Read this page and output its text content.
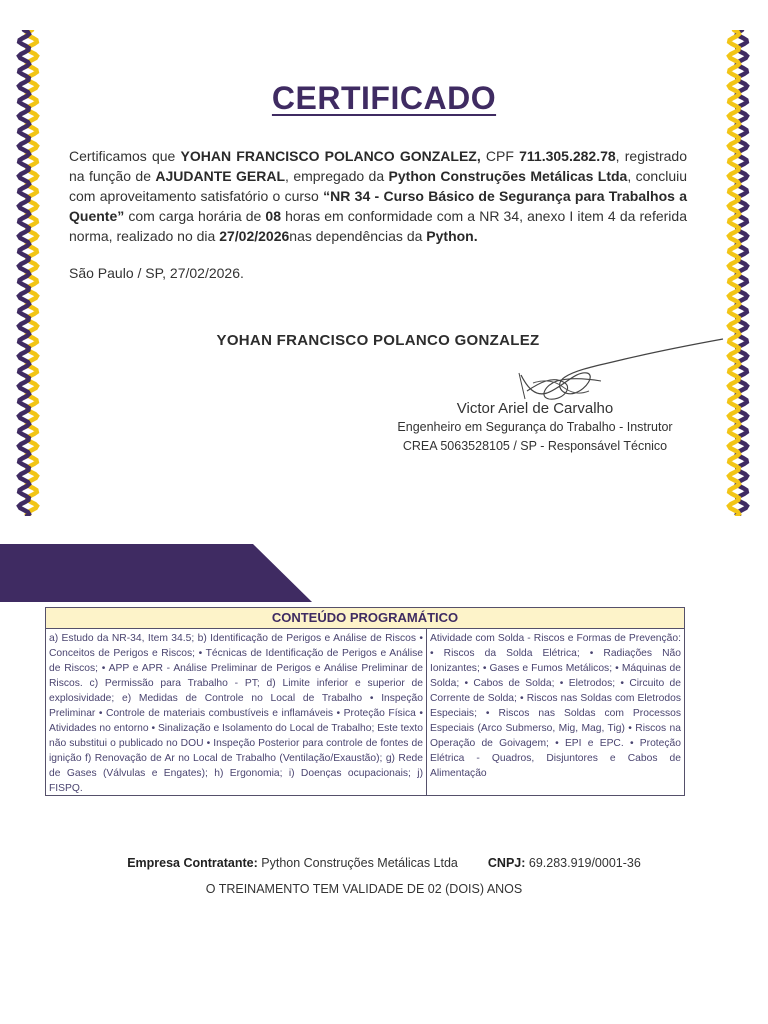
CERTIFICADO
Certificamos que YOHAN FRANCISCO POLANCO GONZALEZ, CPF 711.305.282.78, registrado na função de AJUDANTE GERAL, empregado da Python Construções Metálicas Ltda, concluiu com aproveitamento satisfatório o curso “NR 34 - Curso Básico de Segurança para Trabalhos a Quente” com carga horária de 08 horas em conformidade com a NR 34, anexo I item 4 da referida norma, realizado no dia 27/02/2026nas dependências da Python.
São Paulo / SP, 27/02/2026.
YOHAN FRANCISCO POLANCO GONZALEZ
Victor Ariel de Carvalho
Engenheiro em Segurança do Trabalho - Instrutor
CREA 5063528105 / SP - Responsável Técnico
CONTEÚDO PROGRAMÁTICO
a) Estudo da NR-34, Item 34.5; b) Identificação de Perigos e Análise de Riscos • Conceitos de Perigos e Riscos; • Técnicas de Identificação de Perigos e Análise de Riscos; • APP e APR - Análise Preliminar de Perigos e Análise Preliminar de Riscos. c) Permissão para Trabalho - PT; d) Limite inferior e superior de explosividade; e) Medidas de Controle no Local de Trabalho • Inspeção Preliminar • Controle de materiais combustíveis e inflamáveis • Proteção Física • Atividades no entorno • Sinalização e Isolamento do Local de Trabalho; Este texto não substitui o publicado no DOU • Inspeção Posterior para controle de fontes de ignição f) Renovação de Ar no Local de Trabalho (Ventilação/Exaustão); g) Rede de Gases (Válvulas e Engates); h) Ergonomia; i) Doenças ocupacionais; j) FISPQ.
Atividade com Solda - Riscos e Formas de Prevenção: • Riscos da Solda Elétrica; • Radiações Não Ionizantes; • Gases e Fumos Metálicos; • Máquinas de Solda; • Cabos de Solda; • Eletrodos; • Circuito de Corrente de Solda; • Riscos nas Soldas com Eletrodos Especiais; • Riscos nas Soldas com Processos Especiais (Arco Submerso, Mig, Mag, Tig) • Riscos na Operação de Goivagem; • EPI e EPC. • Proteção Elétrica - Quadros, Disjuntores e Cabos de Alimentação
Empresa Contratante: Python Construções Metálicas Ltda CNPJ: 69.283.919/0001-36
O TREINAMENTO TEM VALIDADE DE 02 (DOIS) ANOS
